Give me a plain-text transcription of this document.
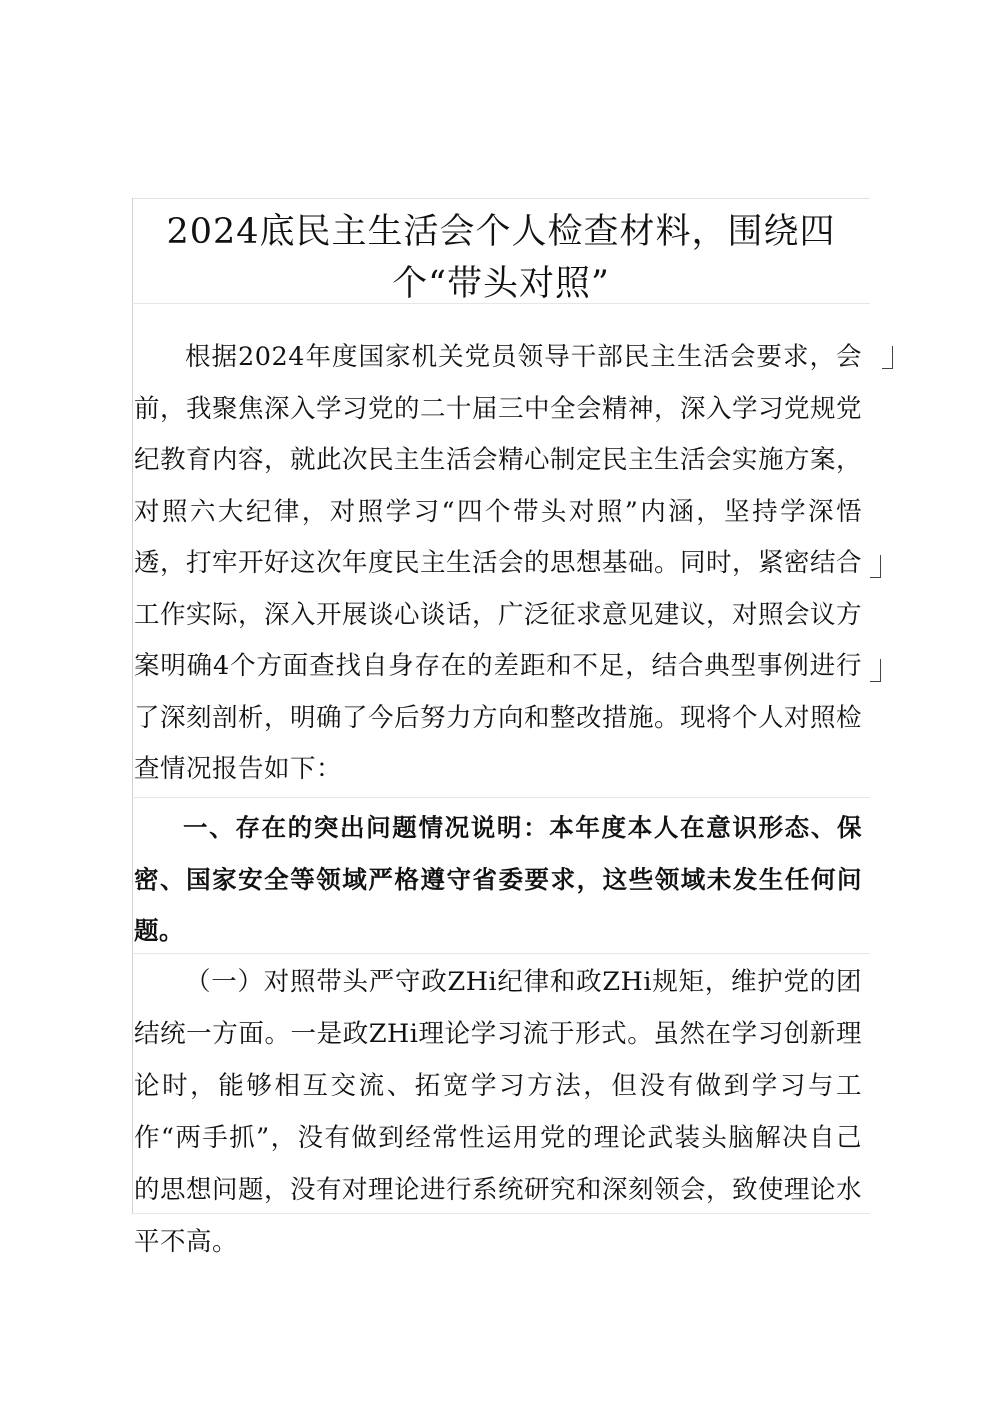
2024底民主生活会个人检查材料，围绕四个“带头对照”

根据2024年度国家机关党员领导干部民主生活会要求，会前，我聚焦深入学习党的二十届三中全会精神，深入学习党规党纪教育内容，就此次民主生活会精心制定民主生活会实施方案，对照六大纪律，对照学习“四个带头对照”内涵，坚持学深悟透，打牢开好这次年度民主生活会的思想基础。同时，紧密结合工作实际，深入开展谈心谈话，广泛征求意见建议，对照会议方案明确4个方面查找自身存在的差距和不足，结合典型事例进行了深刻剖析，明确了今后努力方向和整改措施。现将个人对照检查情况报告如下：

一、存在的突出问题情况说明：本年度本人在意识形态、保密、国家安全等领域严格遵守省委要求，这些领域未发生任何问题。

（一）对照带头严守政ZHi纪律和政ZHi规矩，维护党的团结统一方面。一是政ZHi理论学习流于形式。虽然在学习创新理论时，能够相互交流、拓宽学习方法，但没有做到学习与工作“两手抓”，没有做到经常性运用党的理论武装头脑解决自己的思想问题，没有对理论进行系统研究和深刻领会，致使理论水平不高。
